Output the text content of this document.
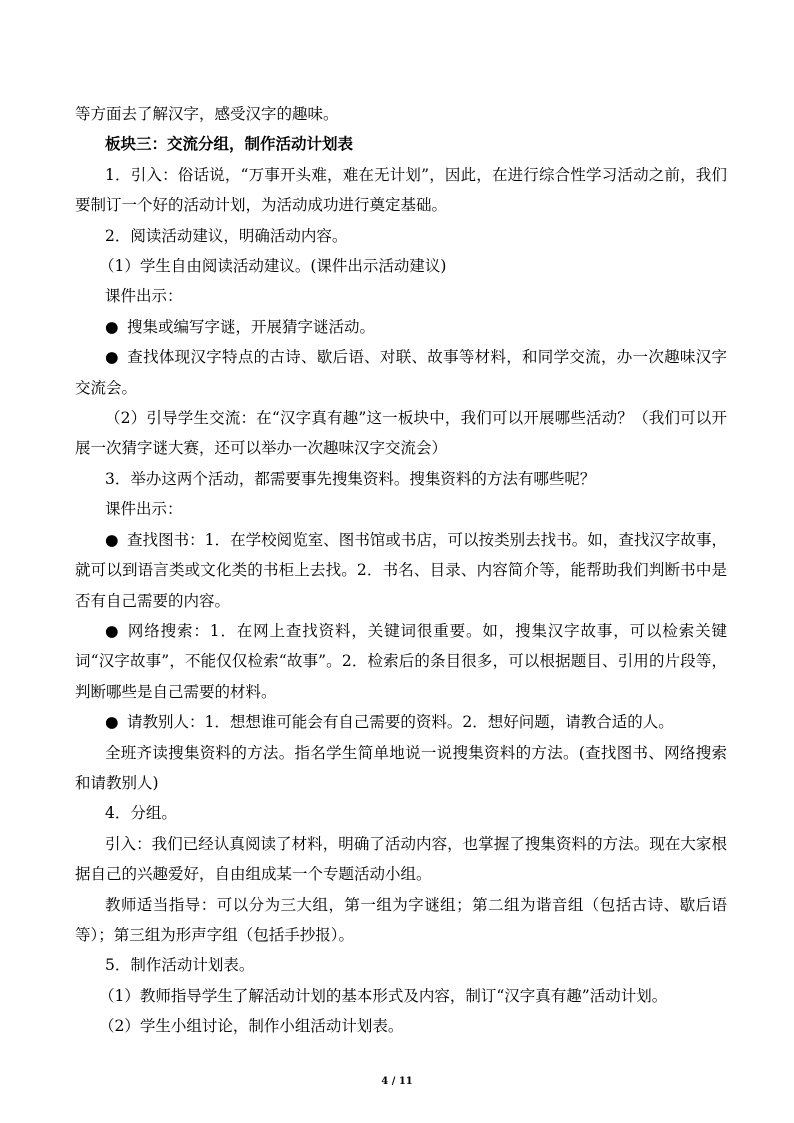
等方面去了解汉字，感受汉字的趣味。

板块三：交流分组，制作活动计划表

1．引入：俗话说，“万事开头难，难在无计划”，因此，在进行综合性学习活动之前，我们要制订一个好的活动计划，为活动成功进行奠定基础。

2．阅读活动建议，明确活动内容。

（1）学生自由阅读活动建议。(课件出示活动建议)

课件出示：

● 搜集或编写字谜，开展猜字谜活动。

● 查找体现汉字特点的古诗、歇后语、对联、故事等材料，和同学交流，办一次趣味汉字交流会。

（2）引导学生交流：在“汉字真有趣”这一板块中，我们可以开展哪些活动？（我们可以开展一次猜字谜大赛，还可以举办一次趣味汉字交流会）

3．举办这两个活动，都需要事先搜集资料。搜集资料的方法有哪些呢？

课件出示：

● 查找图书：1．在学校阅览室、图书馆或书店，可以按类别去找书。如，查找汉字故事，就可以到语言类或文化类的书柜上去找。2．书名、目录、内容简介等，能帮助我们判断书中是否有自己需要的内容。

● 网络搜索：1．在网上查找资料，关键词很重要。如，搜集汉字故事，可以检索关键词“汉字故事”，不能仅仅检索“故事”。2．检索后的条目很多，可以根据题目、引用的片段等，判断哪些是自己需要的材料。

● 请教别人：1．想想谁可能会有自己需要的资料。2．想好问题，请教合适的人。

全班齐读搜集资料的方法。指名学生简单地说一说搜集资料的方法。(查找图书、网络搜索和请教别人)

4．分组。

引入：我们已经认真阅读了材料，明确了活动内容，也掌握了搜集资料的方法。现在大家根据自己的兴趣爱好，自由组成某一个专题活动小组。

教师适当指导：可以分为三大组，第一组为字谜组；第二组为谐音组（包括古诗、歇后语等）；第三组为形声字组（包括手抄报）。

5．制作活动计划表。

（1）教师指导学生了解活动计划的基本形式及内容，制订“汉字真有趣”活动计划。

（2）学生小组讨论，制作小组活动计划表。

4 / 11
